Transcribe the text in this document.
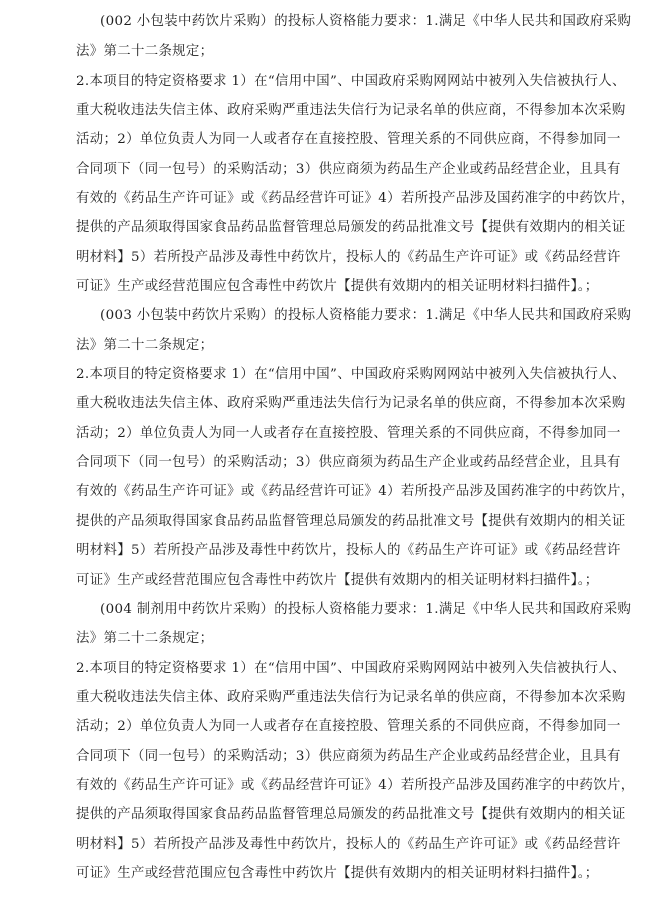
(002 小包装中药饮片采购）的投标人资格能力要求：1.满足《中华人民共和国政府采购
法》第二十二条规定；
2.本项目的特定资格要求 1）在“信用中国”、中国政府采购网网站中被列入失信被执行人、
重大税收违法失信主体、政府采购严重违法失信行为记录名单的供应商，不得参加本次采购
活动；2）单位负责人为同一人或者存在直接控股、管理关系的不同供应商，不得参加同一
合同项下（同一包号）的采购活动；3）供应商须为药品生产企业或药品经营企业，且具有
有效的《药品生产许可证》或《药品经营许可证》4）若所投产品涉及国药准字的中药饮片，
提供的产品须取得国家食品药品监督管理总局颁发的药品批准文号【提供有效期内的相关证
明材料】5）若所投产品涉及毒性中药饮片，投标人的《药品生产许可证》或《药品经营许
可证》生产或经营范围应包含毒性中药饮片【提供有效期内的相关证明材料扫描件】。；
(003 小包装中药饮片采购）的投标人资格能力要求：1.满足《中华人民共和国政府采购
法》第二十二条规定；
2.本项目的特定资格要求 1）在“信用中国”、中国政府采购网网站中被列入失信被执行人、
重大税收违法失信主体、政府采购严重违法失信行为记录名单的供应商，不得参加本次采购
活动；2）单位负责人为同一人或者存在直接控股、管理关系的不同供应商，不得参加同一
合同项下（同一包号）的采购活动；3）供应商须为药品生产企业或药品经营企业，且具有
有效的《药品生产许可证》或《药品经营许可证》4）若所投产品涉及国药准字的中药饮片，
提供的产品须取得国家食品药品监督管理总局颁发的药品批准文号【提供有效期内的相关证
明材料】5）若所投产品涉及毒性中药饮片，投标人的《药品生产许可证》或《药品经营许
可证》生产或经营范围应包含毒性中药饮片【提供有效期内的相关证明材料扫描件】。；
(004 制剂用中药饮片采购）的投标人资格能力要求：1.满足《中华人民共和国政府采购
法》第二十二条规定；
2.本项目的特定资格要求 1）在“信用中国”、中国政府采购网网站中被列入失信被执行人、
重大税收违法失信主体、政府采购严重违法失信行为记录名单的供应商，不得参加本次采购
活动；2）单位负责人为同一人或者存在直接控股、管理关系的不同供应商，不得参加同一
合同项下（同一包号）的采购活动；3）供应商须为药品生产企业或药品经营企业，且具有
有效的《药品生产许可证》或《药品经营许可证》4）若所投产品涉及国药准字的中药饮片，
提供的产品须取得国家食品药品监督管理总局颁发的药品批准文号【提供有效期内的相关证
明材料】5）若所投产品涉及毒性中药饮片，投标人的《药品生产许可证》或《药品经营许
可证》生产或经营范围应包含毒性中药饮片【提供有效期内的相关证明材料扫描件】。；
